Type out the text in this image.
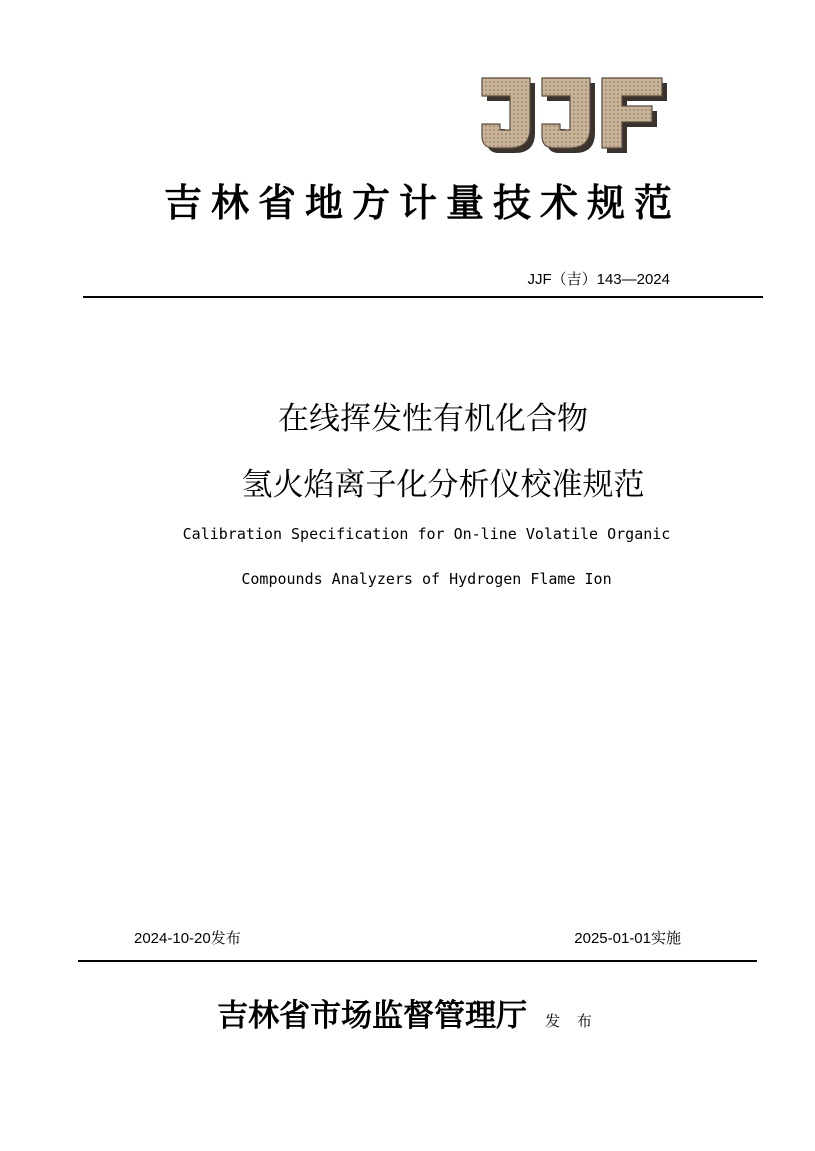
吉林省地方计量技术规范
JJF（吉）143—2024
在线挥发性有机化合物
氢火焰离子化分析仪校准规范
Calibration Specification for On-line Volatile Organic
Compounds Analyzers of Hydrogen Flame Ion
2024-10-20发布	2025-01-01实施
吉林省市场监督管理厅 发 布
